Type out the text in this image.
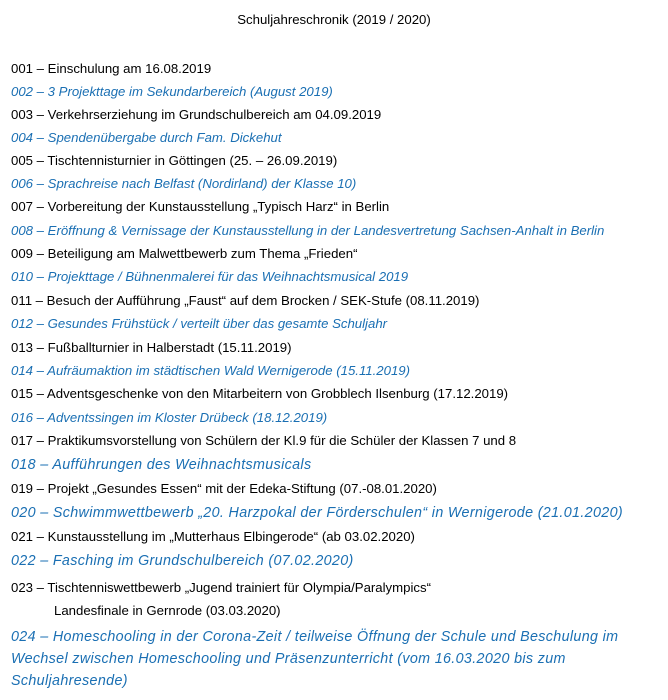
Schuljahreschronik (2019 / 2020)
001 – Einschulung am 16.08.2019
002 – 3 Projekttage im Sekundarbereich (August 2019)
003 – Verkehrserziehung im Grundschulbereich am 04.09.2019
004 – Spendenübergabe durch Fam. Dickehut
005 – Tischtennisturnier in Göttingen (25. – 26.09.2019)
006 – Sprachreise nach Belfast (Nordirland) der Klasse 10)
007 – Vorbereitung der Kunstausstellung „Typisch Harz“ in Berlin
008 – Eröffnung & Vernissage der Kunstausstellung in der Landesvertretung Sachsen-Anhalt in Berlin
009 – Beteiligung am Malwettbewerb zum Thema „Frieden“
010 – Projekttage / Bühnenmalerei für das Weihnachtsmusical 2019
011 – Besuch der Aufführung „Faust“ auf dem Brocken / SEK-Stufe (08.11.2019)
012 – Gesundes Frühstück / verteilt über das gesamte Schuljahr
013 – Fußballturnier in Halberstadt (15.11.2019)
014 – Aufräumaktion im städtischen Wald Wernigerode (15.11.2019)
015 – Adventsgeschenke von den Mitarbeitern von Grobblech Ilsenburg (17.12.2019)
016 – Adventssingen im Kloster Drübeck (18.12.2019)
017 – Praktikumsvorstellung von Schülern der Kl.9 für die Schüler der Klassen 7 und 8
018 – Aufführungen des Weihnachtsmusicals
019 – Projekt „Gesundes Essen“ mit der Edeka-Stiftung (07.-08.01.2020)
020 – Schwimmwettbewerb „20. Harzpokal der Förderschulen“ in Wernigerode (21.01.2020)
021 – Kunstausstellung im „Mutterhaus Elbingerode“ (ab 03.02.2020)
022 – Fasching im Grundschulbereich (07.02.2020)
023 – Tischtenniswettbewerb „Jugend trainiert für Olympia/Paralympics“
Landesfinale in Gernrode (03.03.2020)
024 – Homeschooling in der Corona-Zeit / teilweise Öffnung der Schule und Beschulung im
Wechsel zwischen Homeschooling und Präsenzunterricht (vom 16.03.2020 bis zum
Schuljahresende)
